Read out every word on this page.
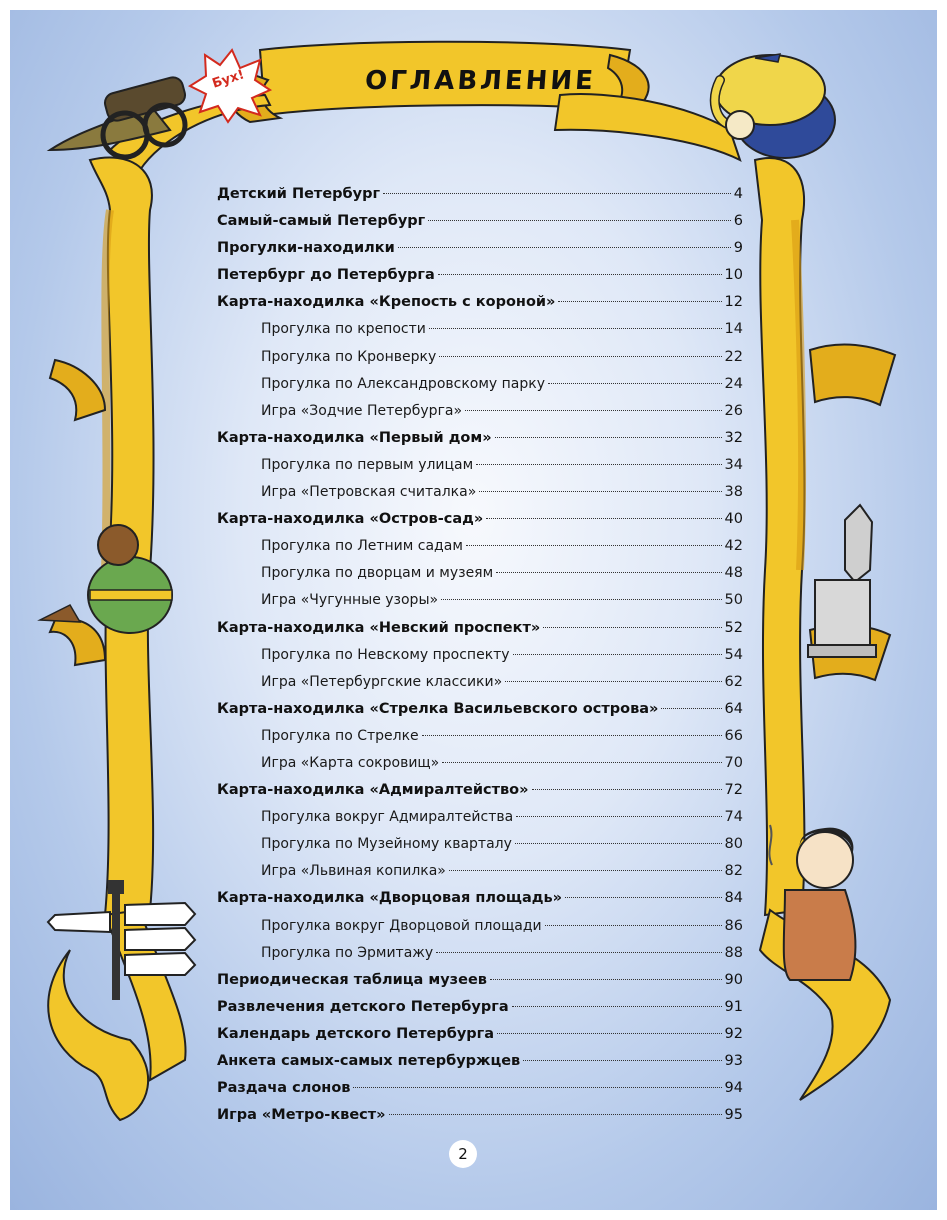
Бух!	ОГЛАВЛЕНИЕ
Детский Петербург	4
Самый-самый Петербург	6
Прогулки-находилки	9
Петербург до Петербурга	10
Карта-находилка «Крепость с короной»	12
Прогулка по крепости	14
Прогулка по Кронверку	22
Прогулка по Александровскому парку	24
Игра «Зодчие Петербурга»	26
Карта-находилка «Первый дом»	32
Прогулка по первым улицам	34
Игра «Петровская считалка»	38
Карта-находилка «Остров-сад»	40
Прогулка по Летним садам	42
Прогулка по дворцам и музеям	48
Игра «Чугунные узоры»	50
Карта-находилка «Невский проспект»	52
Прогулка по Невскому проспекту	54
Игра «Петербургские классики»	62
Карта-находилка «Стрелка Васильевского острова»	64
Прогулка по Стрелке	66
Игра «Карта сокровищ»	70
Карта-находилка «Адмиралтейство»	72
Прогулка вокруг Адмиралтейства	74
Прогулка по Музейному кварталу	80
Игра «Львиная копилка»	82
Карта-находилка «Дворцовая площадь»	84
Прогулка вокруг Дворцовой площади	86
Прогулка по Эрмитажу	88
Периодическая таблица музеев	90
Развлечения детского Петербурга	91
Календарь детского Петербурга	92
Анкета самых-самых петербуржцев	93
Раздача слонов	94
Игра «Метро-квест»	95
2
